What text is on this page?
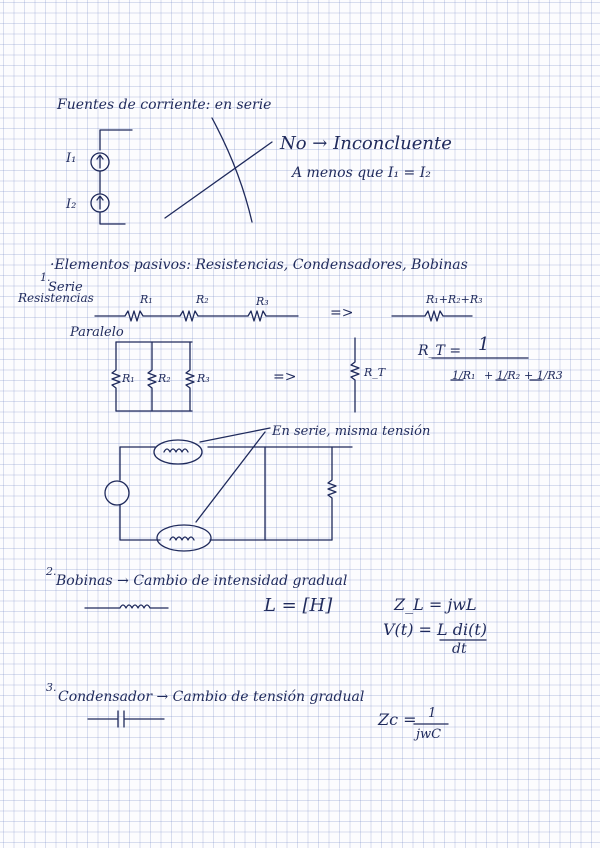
Fuentes de corriente: en serie
I₁
I₂
No → Inconcluente
A menos que I₁ = I₂
·Elementos pasivos: Resistencias, Condensadores, Bobinas
1.
Serie
Resistencias	R₁	R₂	R₃
=>
R₁+R₂+R₃
Paralelo
R₁ R₂ R₃	=>	R_T
R_T = 1
1/R₁ + 1/R₂ + 1/R3
En serie, misma tensión
2.
Bobinas → Cambio de intensidad gradual
L = [H]	Z_L = jwL
V(t) = L di(t)
dt
3.
Condensador → Cambio de tensión gradual
Zc = 1
jwC
